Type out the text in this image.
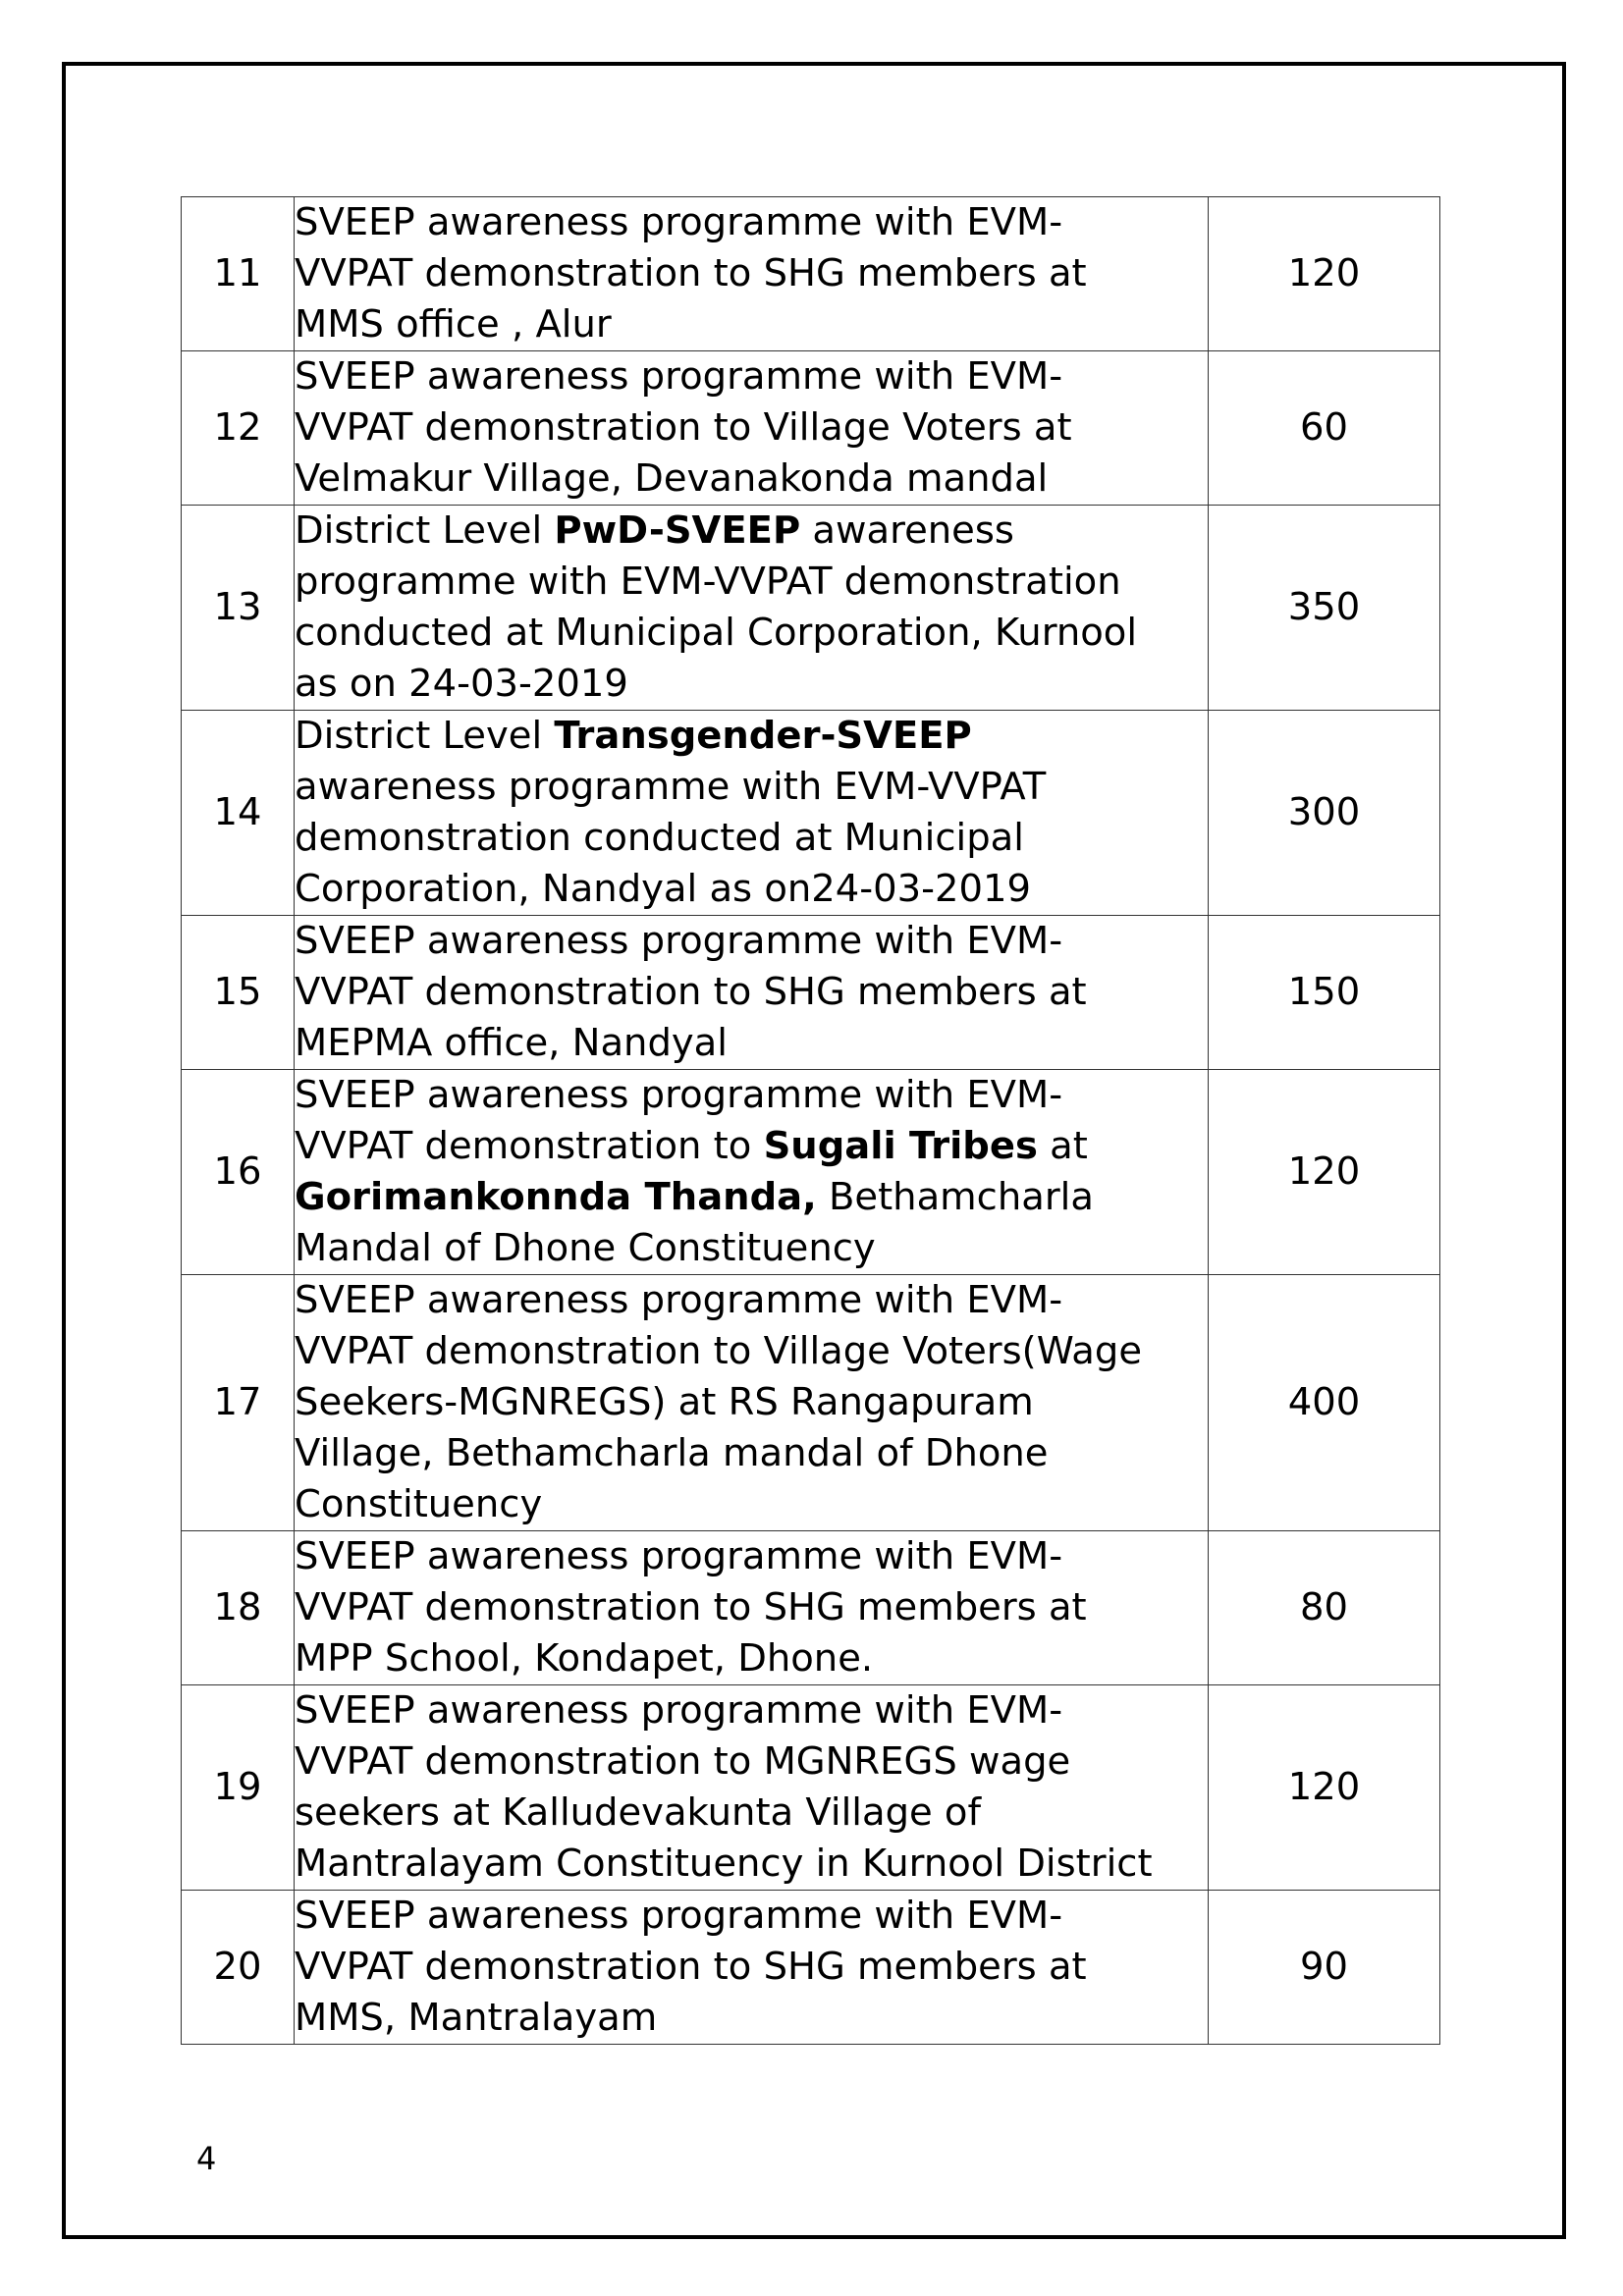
11	SVEEP awareness programme with EVM-
VVPAT demonstration to SHG members at
MMS office , Alur	120
12	SVEEP awareness programme with EVM-
VVPAT demonstration to Village Voters at
Velmakur Village, Devanakonda mandal	60
13	District Level PwD-SVEEP awareness
programme with EVM-VVPAT demonstration
conducted at Municipal Corporation, Kurnool
as on 24-03-2019	350
14	District Level Transgender-SVEEP
awareness programme with EVM-VVPAT
demonstration conducted at Municipal
Corporation, Nandyal as on24-03-2019	300
15	SVEEP awareness programme with EVM-
VVPAT demonstration to SHG members at
MEPMA office, Nandyal	150
16	SVEEP awareness programme with EVM-
VVPAT demonstration to Sugali Tribes at
Gorimankonnda Thanda, Bethamcharla
Mandal of Dhone Constituency	120
17	SVEEP awareness programme with EVM-
VVPAT demonstration to Village Voters(Wage
Seekers-MGNREGS) at RS Rangapuram
Village, Bethamcharla mandal of Dhone
Constituency	400
18	SVEEP awareness programme with EVM-
VVPAT demonstration to SHG members at
MPP School, Kondapet, Dhone.	80
19	SVEEP awareness programme with EVM-
VVPAT demonstration to MGNREGS wage
seekers at Kalludevakunta Village of
Mantralayam Constituency in Kurnool District	120
20	SVEEP awareness programme with EVM-
VVPAT demonstration to SHG members at
MMS, Mantralayam	90
4
